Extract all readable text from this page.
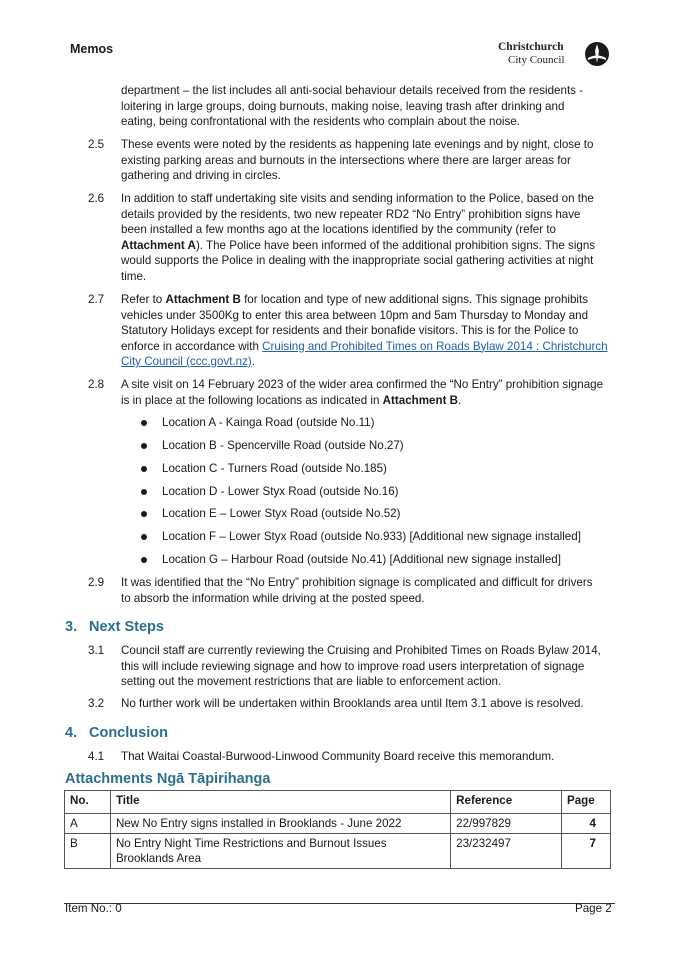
Memos	Christchurch
City Council
department – the list includes all anti-social behaviour details received from the residents -
loitering in large groups, doing burnouts, making noise, leaving trash after drinking and
eating, being confrontational with the residents who complain about the noise.
2.5 These events were noted by the residents as happening late evenings and by night, close to
existing parking areas and burnouts in the intersections where there are larger areas for
gathering and driving in circles.
2.6 In addition to staff undertaking site visits and sending information to the Police, based on the
details provided by the residents, two new repeater RD2 “No Entry” prohibition signs have
been installed a few months ago at the locations identified by the community (refer to
Attachment A). The Police have been informed of the additional prohibition signs. The signs
would supports the Police in dealing with the inappropriate social gathering activities at night
time.
2.7 Refer to Attachment B for location and type of new additional signs. This signage prohibits
vehicles under 3500Kg to enter this area between 10pm and 5am Thursday to Monday and
Statutory Holidays except for residents and their bonafide visitors. This is for the Police to
enforce in accordance with Cruising and Prohibited Times on Roads Bylaw 2014 : Christchurch
City Council (ccc.govt.nz).
2.8 A site visit on 14 February 2023 of the wider area confirmed the “No Entry” prohibition signage
is in place at the following locations as indicated in Attachment B.
Location A - Kainga Road (outside No.11)
Location B - Spencerville Road (outside No.27)
Location C - Turners Road (outside No.185)
Location D - Lower Styx Road (outside No.16)
Location E – Lower Styx Road (outside No.52)
Location F – Lower Styx Road (outside No.933) [Additional new signage installed]
Location G – Harbour Road (outside No.41) [Additional new signage installed]
2.9 It was identified that the “No Entry” prohibition signage is complicated and difficult for drivers
to absorb the information while driving at the posted speed.
3. Next Steps
3.1 Council staff are currently reviewing the Cruising and Prohibited Times on Roads Bylaw 2014,
this will include reviewing signage and how to improve road users interpretation of signage
setting out the movement restrictions that are liable to enforcement action.
3.2 No further work will be undertaken within Brooklands area until Item 3.1 above is resolved.
4. Conclusion
4.1 That Waitai Coastal-Burwood-Linwood Community Board receive this memorandum.
Attachments Ngā Tāpirihanga
No.	Title	Reference	Page
A	New No Entry signs installed in Brooklands - June 2022	22/997829	4
B	No Entry Night Time Restrictions and Burnout Issues
Brooklands Area	23/232497	7
Item No.: 0	Page 2
